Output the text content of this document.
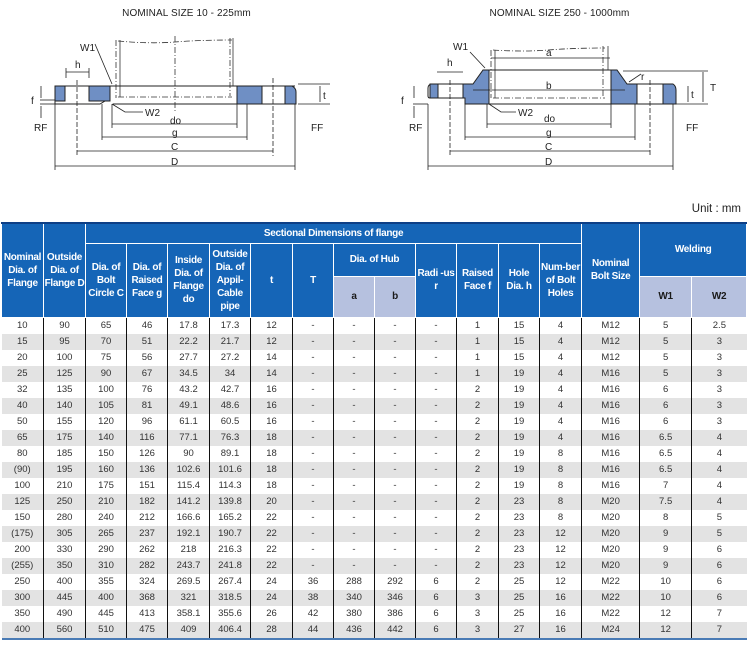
NOMINAL SIZE 10 - 225mm
W1
h
f
RF
W2
do
g
C
D
t
FF
NOMINAL SIZE 250 - 1000mm
W1
h
a
b
r
T
t
f
RF
W2
do
g
C
D
FF
Unit : mm
Nominal Dia. of Flange	Outside Dia. of Flange D	Sectional Dimensions of flange												Nominal Bolt Size	Welding	
		Dia. of Bolt Circle C	Dia. of Raised Face g	Inside Dia. of Flange do	Outside Dia. of Appil-Cable pipe	t	T	Dia. of Hub		Radi -us r	Raised Face f	Hole Dia. h	Num-ber of Bolt Holes			
								a	b						W1	W2
10	90	65	46	17.8	17.3	12	-	-	-	-	1	15	4	M12	5	2.5
15	95	70	51	22.2	21.7	12	-	-	-	-	1	15	4	M12	5	3
20	100	75	56	27.7	27.2	14	-	-	-	-	1	15	4	M12	5	3
25	125	90	67	34.5	34	14	-	-	-	-	1	19	4	M16	5	3
32	135	100	76	43.2	42.7	16	-	-	-	-	2	19	4	M16	6	3
40	140	105	81	49.1	48.6	16	-	-	-	-	2	19	4	M16	6	3
50	155	120	96	61.1	60.5	16	-	-	-	-	2	19	4	M16	6	3
65	175	140	116	77.1	76.3	18	-	-	-	-	2	19	4	M16	6.5	4
80	185	150	126	90	89.1	18	-	-	-	-	2	19	8	M16	6.5	4
(90)	195	160	136	102.6	101.6	18	-	-	-	-	2	19	8	M16	6.5	4
100	210	175	151	115.4	114.3	18	-	-	-	-	2	19	8	M16	7	4
125	250	210	182	141.2	139.8	20	-	-	-	-	2	23	8	M20	7.5	4
150	280	240	212	166.6	165.2	22	-	-	-	-	2	23	8	M20	8	5
(175)	305	265	237	192.1	190.7	22	-	-	-	-	2	23	12	M20	9	5
200	330	290	262	218	216.3	22	-	-	-	-	2	23	12	M20	9	6
(255)	350	310	282	243.7	241.8	22	-	-	-	-	2	23	12	M20	9	6
250	400	355	324	269.5	267.4	24	36	288	292	6	2	25	12	M22	10	6
300	445	400	368	321	318.5	24	38	340	346	6	3	25	16	M22	10	6
350	490	445	413	358.1	355.6	26	42	380	386	6	3	25	16	M22	12	7
400	560	510	475	409	406.4	28	44	436	442	6	3	27	16	M24	12	7
